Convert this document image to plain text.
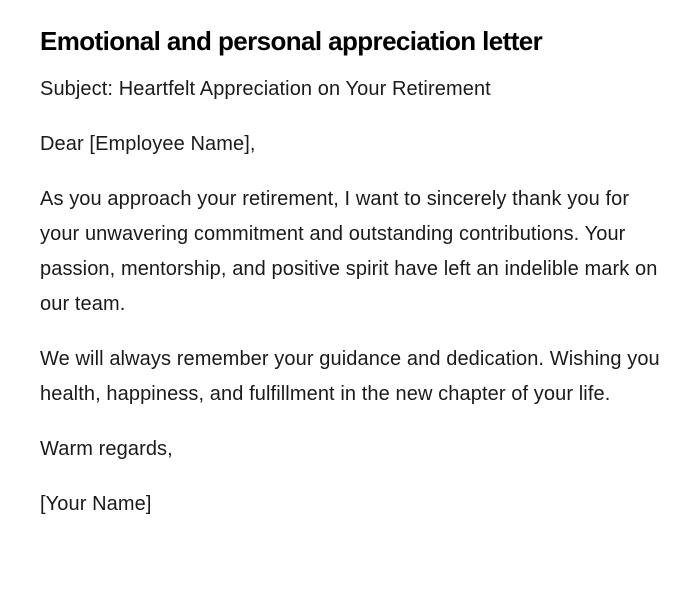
Emotional and personal appreciation letter

Subject: Heartfelt Appreciation on Your Retirement

Dear [Employee Name],

As you approach your retirement, I want to sincerely thank you for your unwavering commitment and outstanding contributions. Your passion, mentorship, and positive spirit have left an indelible mark on our team.

We will always remember your guidance and dedication. Wishing you health, happiness, and fulfillment in the new chapter of your life.

Warm regards,

[Your Name]
